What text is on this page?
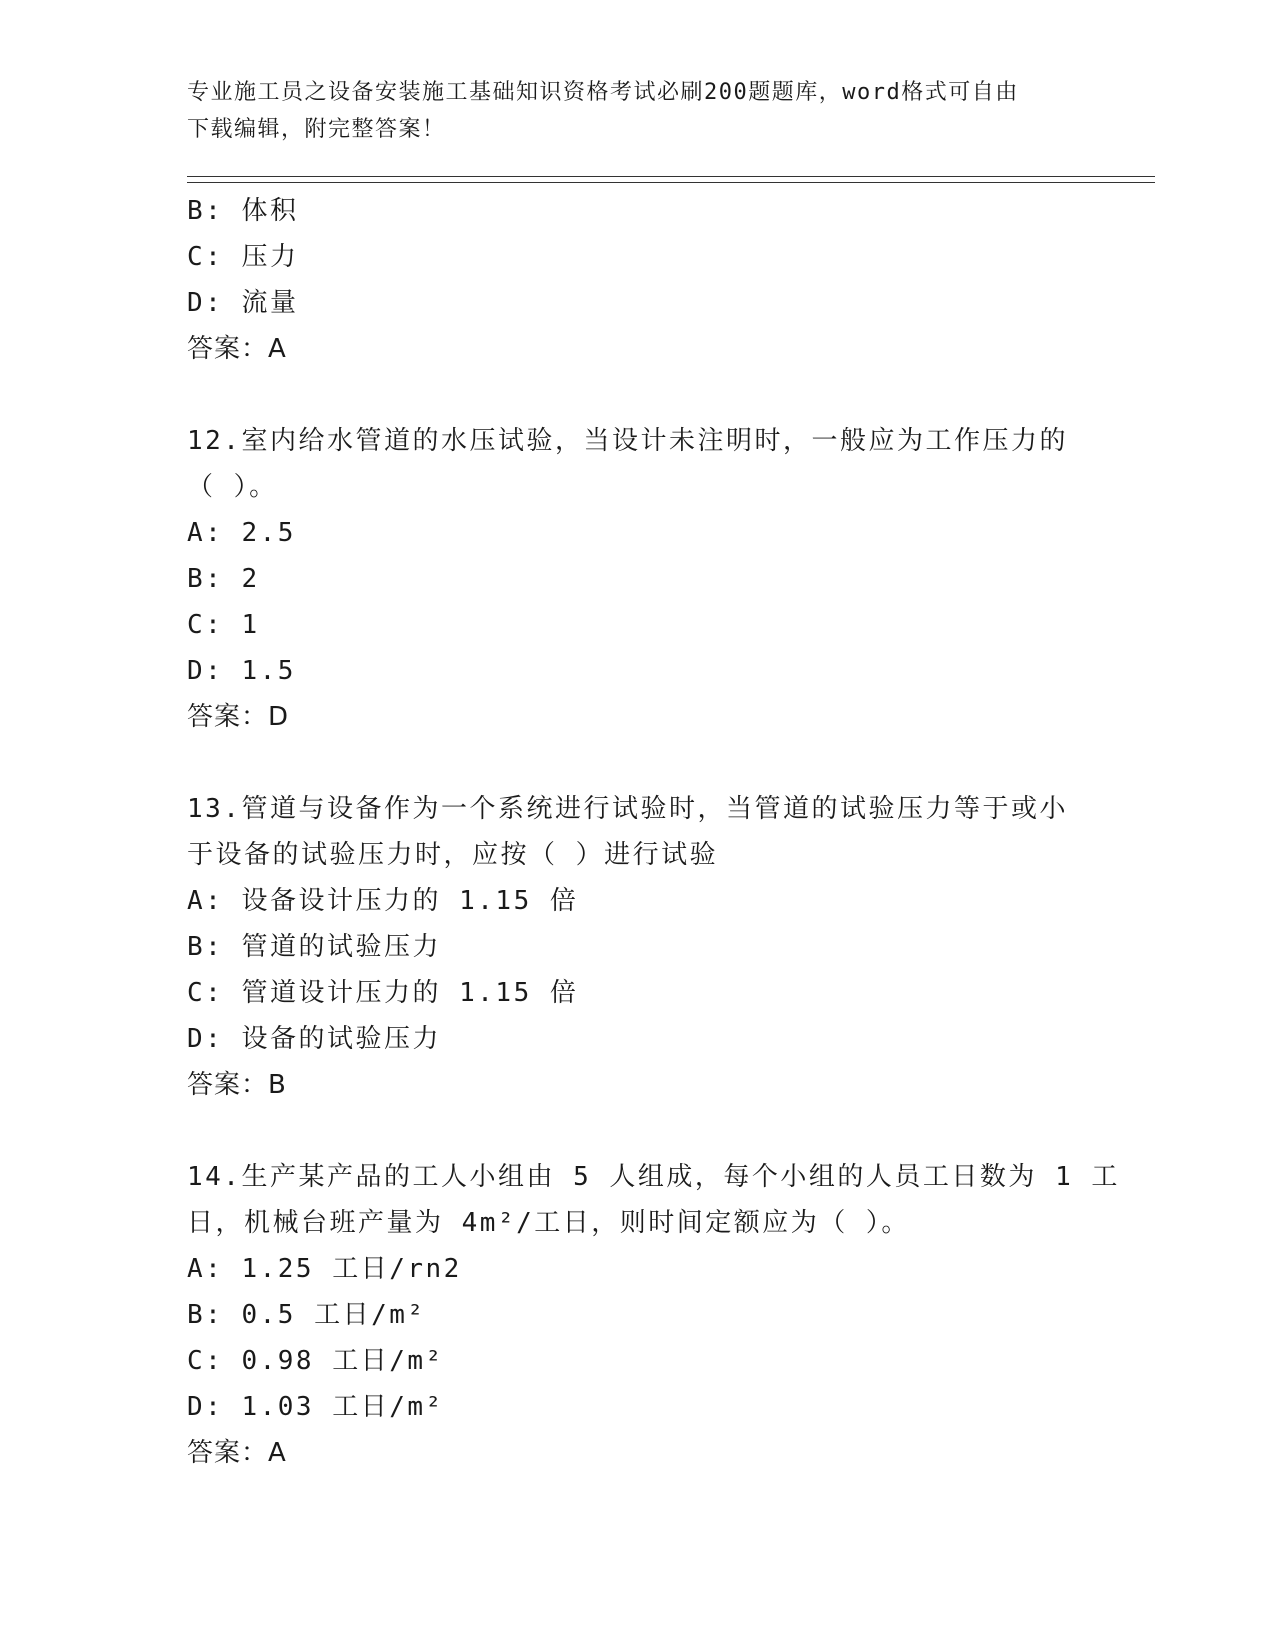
专业施工员之设备安装施工基础知识资格考试必刷200题题库，word格式可自由
下载编辑，附完整答案！
B: 体积
C: 压力
D: 流量
答案：A
12.室内给水管道的水压试验，当设计未注明时，一般应为工作压力的
（ ）。
A: 2.5
B: 2
C: 1
D: 1.5
答案：D
13.管道与设备作为一个系统进行试验时，当管道的试验压力等于或小
于设备的试验压力时，应按（ ）进行试验
A: 设备设计压力的 1.15 倍
B: 管道的试验压力
C: 管道设计压力的 1.15 倍
D: 设备的试验压力
答案：B
14.生产某产品的工人小组由 5 人组成，每个小组的人员工日数为 1 工
日，机械台班产量为 4m²/工日，则时间定额应为（ ）。
A: 1.25 工日/rn2
B: 0.5 工日/m²
C: 0.98 工日/m²
D: 1.03 工日/m²
答案：A
